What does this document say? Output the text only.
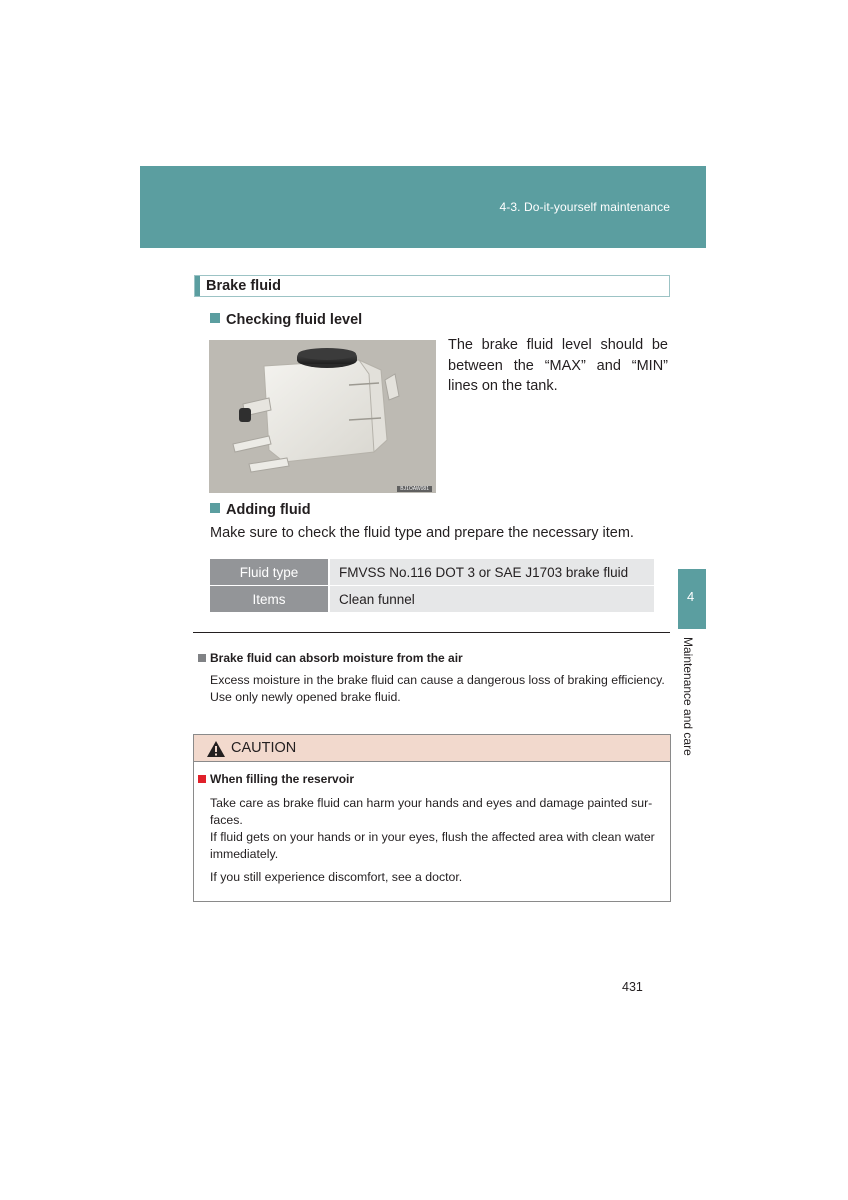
4-3. Do-it-yourself maintenance
Brake fluid
Checking fluid level
BJ1OAW081
The brake fluid level should be between the “MAX” and “MIN” lines on the tank.
Adding fluid
Make sure to check the fluid type and prepare the necessary item.
Fluid type	FMVSS No.116 DOT 3 or SAE J1703 brake fluid
Items	Clean funnel	4
Maintenance and care
Brake fluid can absorb moisture from the air
Excess moisture in the brake fluid can cause a dangerous loss of braking efficiency.
Use only newly opened brake fluid.
CAUTION
When filling the reservoir

Take care as brake fluid can harm your hands and eyes and damage painted sur-

faces.

If fluid gets on your hands or in your eyes, flush the affected area with clean water

immediately.

If you still experience discomfort, see a doctor.

431
